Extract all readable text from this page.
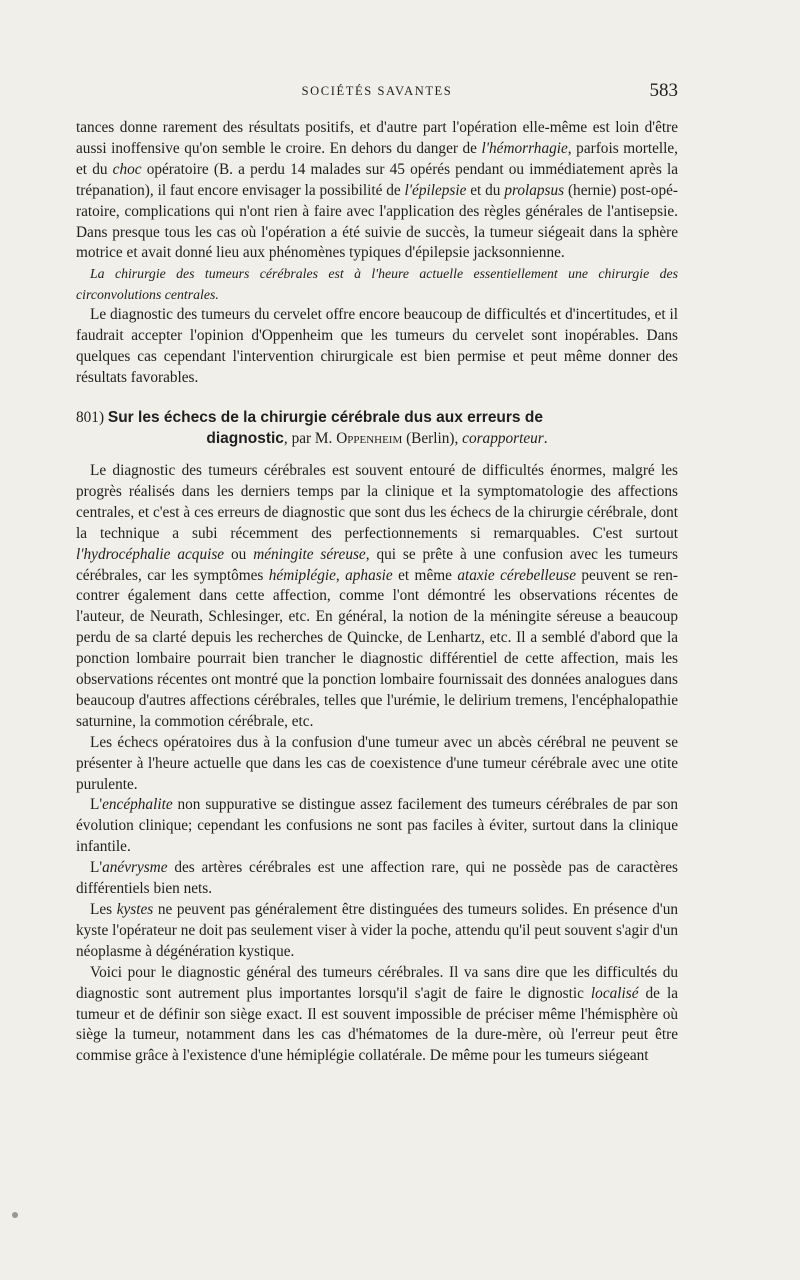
SOCIÉTÉS SAVANTES	583

tances donne rarement des résultats positifs, et d'autre part l'opération elle-même est loin d'être aussi inoffensive qu'on semble le croire. En dehors du danger de l'hémorrhagie, parfois mortelle, et du choc opératoire (B. a perdu 14 malades sur 45 opérés pendant ou immédiatement après la trépanation), il faut encore envisager la possibilité de l'épilepsie et du prolapsus (hernie) post-opératoire, complications qui n'ont rien à faire avec l'application des règles générales de l'antisepsie. Dans presque tous les cas où l'opération a été suivie de succès, la tumeur siégeait dans la sphère motrice et avait donné lieu aux phénomènes typiques d'épilepsie jacksonnienne.

La chirurgie des tumeurs cérébrales est à l'heure actuelle essentiellement une chirurgie des circonvolutions centrales.

Le diagnostic des tumeurs du cervelet offre encore beaucoup de difficultés et d'incertitudes, et il faudrait accepter l'opinion d'Oppenheim que les tumeurs du cervelet sont inopérables. Dans quelques cas cependant l'intervention chirurgicale est bien permise et peut même donner des résultats favorables.

801) Sur les échecs de la chirurgie cérébrale dus aux erreurs de
diagnostic, par M. Oppenheim (Berlin), corapporteur.

Le diagnostic des tumeurs cérébrales est souvent entouré de difficultés énormes, malgré les progrès réalisés dans les derniers temps par la clinique et la symptomatologie des affections centrales, et c'est à ces erreurs de diagnostic que sont dus les échecs de la chirurgie cérébrale, dont la technique a subi récemment des perfectionnements si remarquables. C'est surtout l'hydrocéphalie acquise ou méningite séreuse, qui se prête à une confusion avec les tumeurs cérébrales, car les symptômes hémiplégie, aphasie et même ataxie cérebelleuse peuvent se rencontrer également dans cette affection, comme l'ont démontré les observations récentes de l'auteur, de Neurath, Schlesinger, etc. En général, la notion de la méningite séreuse a beaucoup perdu de sa clarté depuis les recherches de Quincke, de Lenhartz, etc. Il a semblé d'abord que la ponction lombaire pourrait bien trancher le diagnostic différentiel de cette affection, mais les observations récentes ont montré que la ponction lombaire fournissait des données analogues dans beaucoup d'autres affections cérébrales, telles que l'urémie, le delirium tremens, l'encéphalopathie saturnine, la commotion cérébrale, etc.

Les échecs opératoires dus à la confusion d'une tumeur avec un abcès cérébral ne peuvent se présenter à l'heure actuelle que dans les cas de coexistence d'une tumeur cérébrale avec une otite purulente.

L'encéphalite non suppurative se distingue assez facilement des tumeurs cérébrales de par son évolution clinique; cependant les confusions ne sont pas faciles à éviter, surtout dans la clinique infantile.

L'anévrysme des artères cérébrales est une affection rare, qui ne possède pas de caractères différentiels bien nets.

Les kystes ne peuvent pas généralement être distinguées des tumeurs solides. En présence d'un kyste l'opérateur ne doit pas seulement viser à vider la poche, attendu qu'il peut souvent s'agir d'un néoplasme à dégénération kystique.

Voici pour le diagnostic général des tumeurs cérébrales. Il va sans dire que les difficultés du diagnostic sont autrement plus importantes lorsqu'il s'agit de faire le dignostic localisé de la tumeur et de définir son siège exact. Il est souvent impossible de préciser même l'hémisphère où siège la tumeur, notamment dans les cas d'hématomes de la dure-mère, où l'erreur peut être commise grâce à l'existence d'une hémiplégie collatérale. De même pour les tumeurs siégeant
